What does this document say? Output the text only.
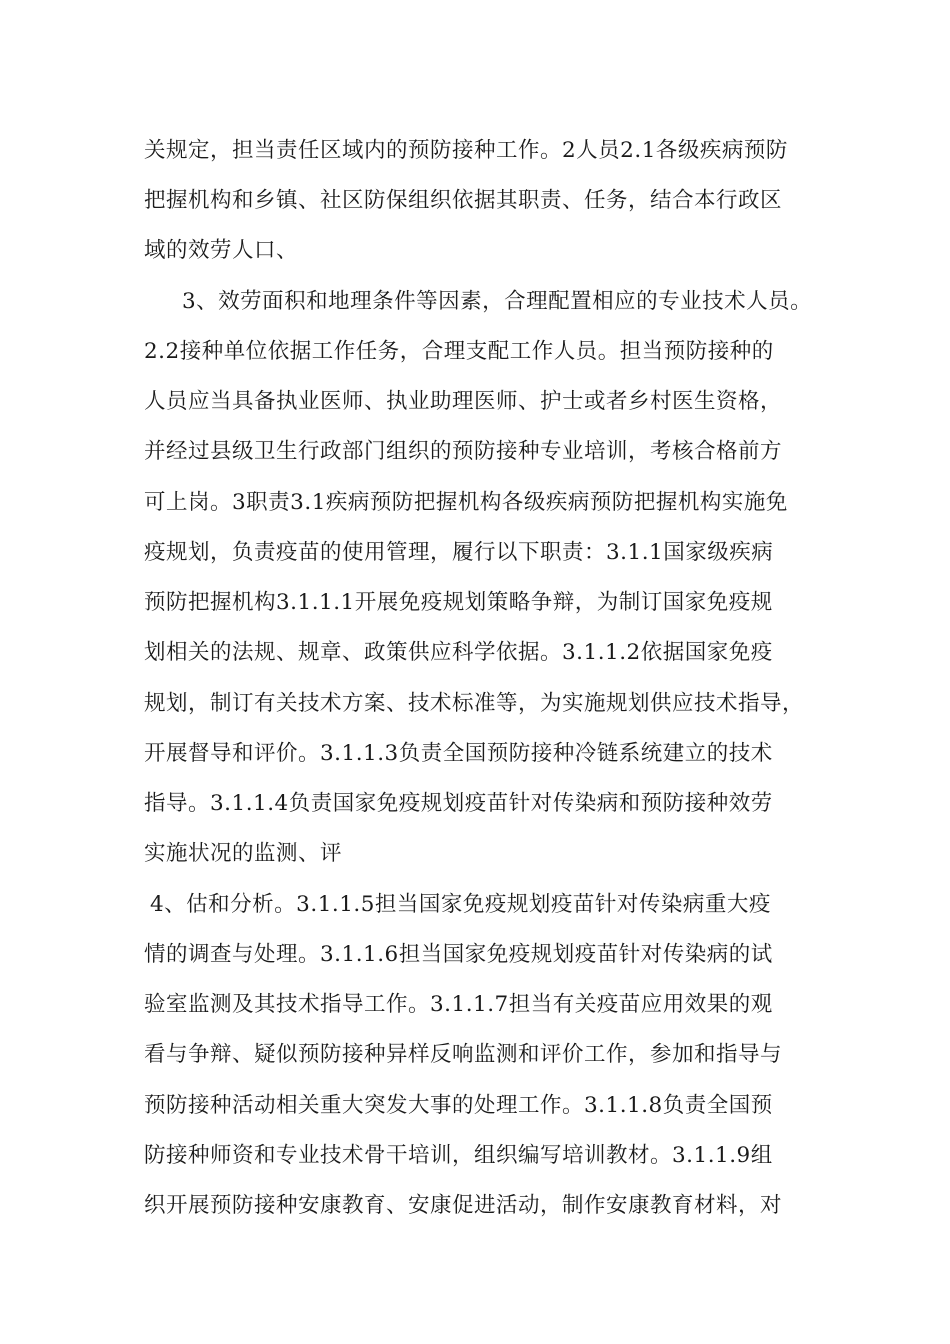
关规定，担当责任区域内的预防接种工作。2人员2.1各级疾病预防
把握机构和乡镇、社区防保组织依据其职责、任务，结合本行政区
域的效劳人口、
　3、效劳面积和地理条件等因素，合理配置相应的专业技术人员。
2.2接种单位依据工作任务，合理支配工作人员。担当预防接种的
人员应当具备执业医师、执业助理医师、护士或者乡村医生资格，
并经过县级卫生行政部门组织的预防接种专业培训，考核合格前方
可上岗。3职责3.1疾病预防把握机构各级疾病预防把握机构实施免
疫规划，负责疫苗的使用管理，履行以下职责：3.1.1国家级疾病
预防把握机构3.1.1.1开展免疫规划策略争辩，为制订国家免疫规
划相关的法规、规章、政策供应科学依据。3.1.1.2依据国家免疫
规划，制订有关技术方案、技术标准等，为实施规划供应技术指导，
开展督导和评价。3.1.1.3负责全国预防接种冷链系统建立的技术
指导。3.1.1.4负责国家免疫规划疫苗针对传染病和预防接种效劳
实施状况的监测、评
4、估和分析。3.1.1.5担当国家免疫规划疫苗针对传染病重大疫
情的调查与处理。3.1.1.6担当国家免疫规划疫苗针对传染病的试
验室监测及其技术指导工作。3.1.1.7担当有关疫苗应用效果的观
看与争辩、疑似预防接种异样反响监测和评价工作，参加和指导与
预防接种活动相关重大突发大事的处理工作。3.1.1.8负责全国预
防接种师资和专业技术骨干培训，组织编写培训教材。3.1.1.9组
织开展预防接种安康教育、安康促进活动，制作安康教育材料，对
